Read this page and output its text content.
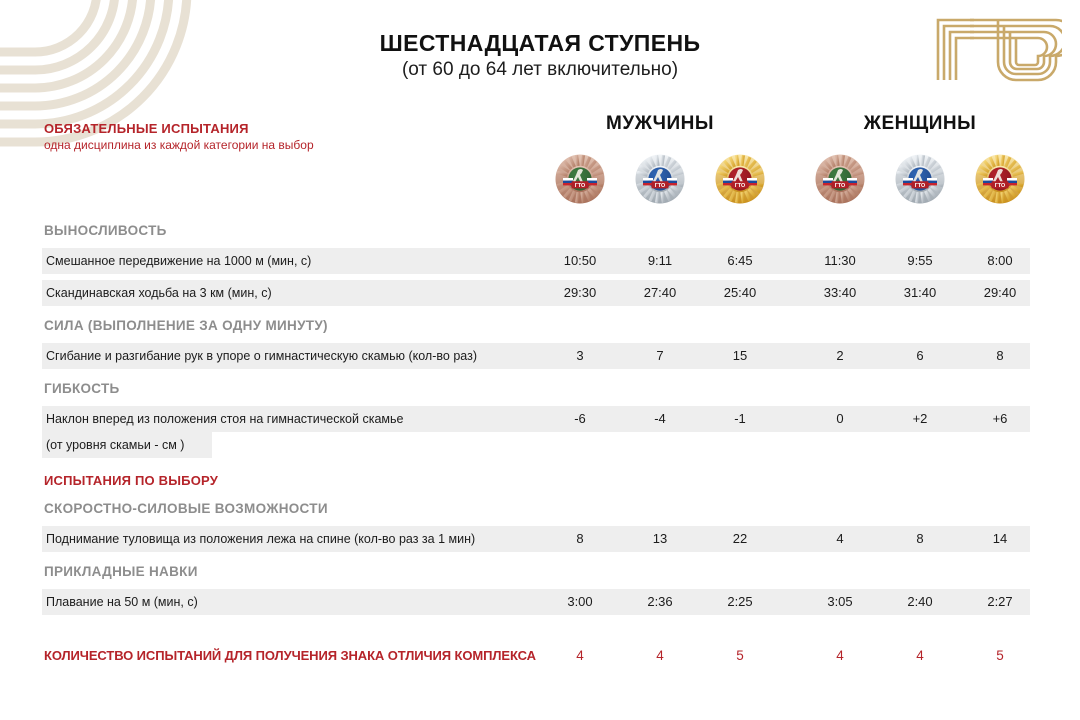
ШЕСТНАДЦАТАЯ СТУПЕНЬ
(от 60 до 64 лет включительно)
МУЖЧИНЫ	ЖЕНЩИНЫ
ОБЯЗАТЕЛЬНЫЕ ИСПЫТАНИЯ
одна дисциплина из каждой категории на выбор
ГТО	ГТО	ГТО	ГТО	ГТО	ГТО
ВЫНОСЛИВОСТЬ
Смешанное передвижение на 1000 м (мин, с)	10:50	9:11	6:45	11:30	9:55	8:00
Скандинавская ходьба на 3 км (мин, с)	29:30	27:40	25:40	33:40	31:40	29:40
СИЛА (ВЫПОЛНЕНИЕ ЗА ОДНУ МИНУТУ)
Сгибание и разгибание рук в упоре о гимнастическую скамью (кол-во раз)	3	7	15	2	6	8
ГИБКОСТЬ
Наклон вперед из положения стоя на гимнастической скамье	-6	-4	-1	0	+2	+6
(от уровня скамьи - см )
ИСПЫТАНИЯ ПО ВЫБОРУ
СКОРОСТНО-СИЛОВЫЕ ВОЗМОЖНОСТИ
Поднимание туловища из положения лежа на спине (кол-во раз за 1 мин)	8	13	22	4	8	14
ПРИКЛАДНЫЕ НАВКИ
Плавание на 50 м (мин, с)	3:00	2:36	2:25	3:05	2:40	2:27
КОЛИЧЕСТВО ИСПЫТАНИЙ ДЛЯ ПОЛУЧЕНИЯ ЗНАКА ОТЛИЧИЯ КОМПЛЕКСА	4	4	5	4	4	5
